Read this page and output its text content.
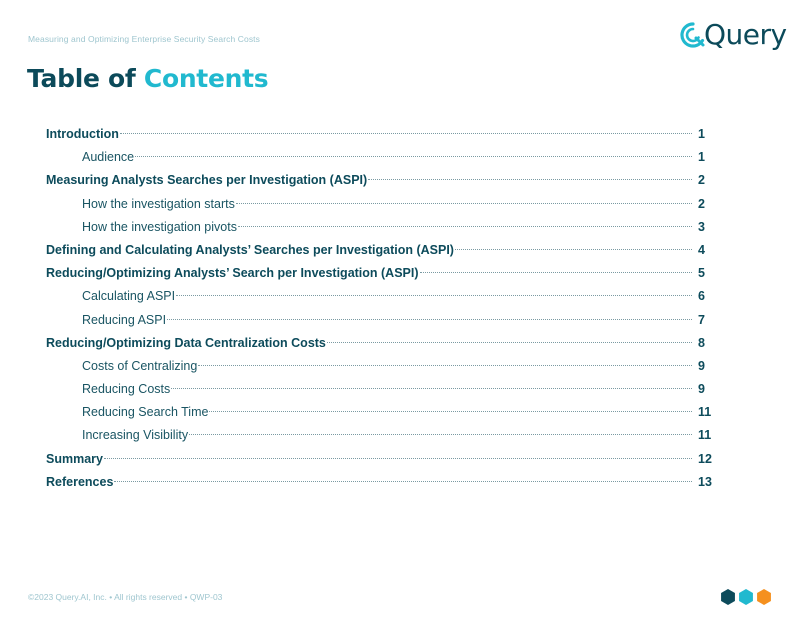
Measuring and Optimizing Enterprise Security Search Costs	Query
Table of Contents
Introduction	1
Audience	1
Measuring Analysts Searches per Investigation (ASPI)	2
How the investigation starts	2
How the investigation pivots	3
Defining and Calculating Analysts’ Searches per Investigation (ASPI)	4
Reducing/Optimizing Analysts’ Search per Investigation (ASPI)	5
Calculating ASPI	6
Reducing ASPI	7
Reducing/Optimizing Data Centralization Costs	8
Costs of Centralizing	9
Reducing Costs	9
Reducing Search Time	11
Increasing Visibility	11
Summary	12
References	13
©2023 Query.AI, Inc. • All rights reserved • QWP-03
